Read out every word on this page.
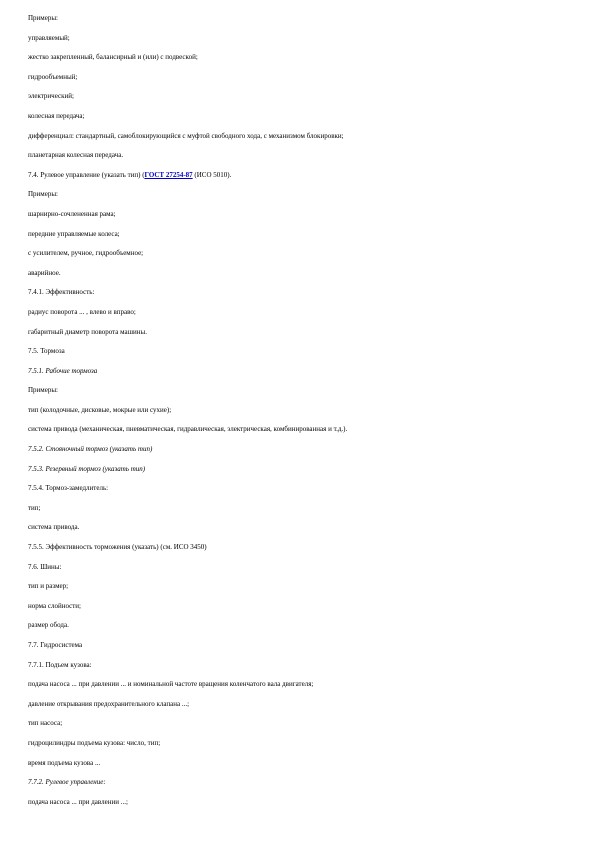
Примеры:
управляемый;
жестко закрепленный, балансирный и (или) с подвеской;
гидрообъемный;
электрический;
колесная передача;
дифференциал: стандартный, самоблокирующийся с муфтой свободного хода, с механизмом блокировки;
планетарная колесная передача.
7.4. Рулевое управление (указать тип) (ГОСТ 27254-87 (ИСО 5010).
Примеры:
шарнирно-сочлененная рама;
передние управляемые колеса;
с усилителем, ручное, гидрообъемное;
аварийное.
7.4.1. Эффективность:
радиус поворота ... , влево и вправо;
габаритный диаметр поворота машины.
7.5. Тормоза
7.5.1. Рабочие тормоза
Примеры:
тип (колодочные, дисковые, мокрые или сухие);
система привода (механическая, пневматическая, гидравлическая, электрическая, комбинированная и т.д.).
7.5.2. Стояночный тормоз (указать тип)
7.5.3. Резервный тормоз (указать тип)
7.5.4. Тормоз-замедлитель:
тип;
система привода.
7.5.5. Эффективность торможения (указать) (см. ИСО 3450)
7.6. Шины:
тип и размер;
норма слойности;
размер обода.
7.7. Гидросистема
7.7.1. Подъем кузова:
подача насоса ... при давлении ... и номинальной частоте вращения коленчатого вала двигателя;
давление открывания предохранительного клапана ...;
тип насоса;
гидроцилиндры подъема кузова: число, тип;
время подъема кузова ...
7.7.2. Рулевое управление:
подача насоса ... при давлении ...;
